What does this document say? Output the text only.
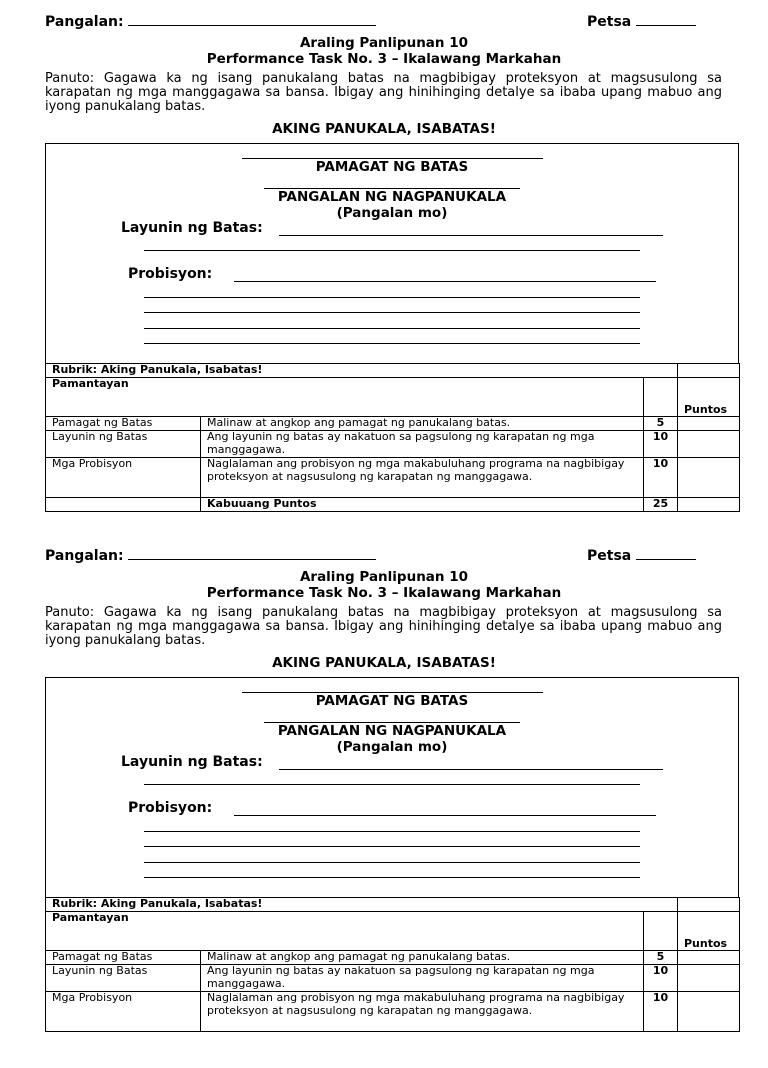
Pangalan:	Petsa
Araling Panlipunan 10
Performance Task No. 3 – Ikalawang Markahan
Panuto: Gagawa ka ng isang panukalang batas na magbibigay proteksyon at magsusulong sa karapatan ng mga manggagawa sa bansa. Ibigay ang hinihinging detalye sa ibaba upang mabuo ang iyong panukalang batas.
AKING PANUKALA, ISABATAS!
PAMAGAT NG BATAS
PANGALAN NG NAGPANUKALA
(Pangalan mo)
Layunin ng Batas:
Probisyon:
Rubrik: Aking Panukala, Isabatas!			
Pamantayan			Puntos
Pamagat ng Batas	Malinaw at angkop ang pamagat ng panukalang batas.	5	
Layunin ng Batas	Ang layunin ng batas ay nakatuon sa pagsulong ng karapatan ng mga manggagawa.	10	
Mga Probisyon	Naglalaman ang probisyon ng mga makabuluhang programa na nagbibigay proteksyon at nagsusulong ng karapatan ng manggagawa.	10	
	Kabuuang Puntos	25	
Pangalan:	Petsa
Araling Panlipunan 10
Performance Task No. 3 – Ikalawang Markahan
Panuto: Gagawa ka ng isang panukalang batas na magbibigay proteksyon at magsusulong sa karapatan ng mga manggagawa sa bansa. Ibigay ang hinihinging detalye sa ibaba upang mabuo ang iyong panukalang batas.
AKING PANUKALA, ISABATAS!
PAMAGAT NG BATAS
PANGALAN NG NAGPANUKALA
(Pangalan mo)
Layunin ng Batas:
Probisyon:
Rubrik: Aking Panukala, Isabatas!			
Pamantayan			Puntos
Pamagat ng Batas	Malinaw at angkop ang pamagat ng panukalang batas.	5	
Layunin ng Batas	Ang layunin ng batas ay nakatuon sa pagsulong ng karapatan ng mga manggagawa.	10	
Mga Probisyon	Naglalaman ang probisyon ng mga makabuluhang programa na nagbibigay proteksyon at nagsusulong ng karapatan ng manggagawa.	10	
